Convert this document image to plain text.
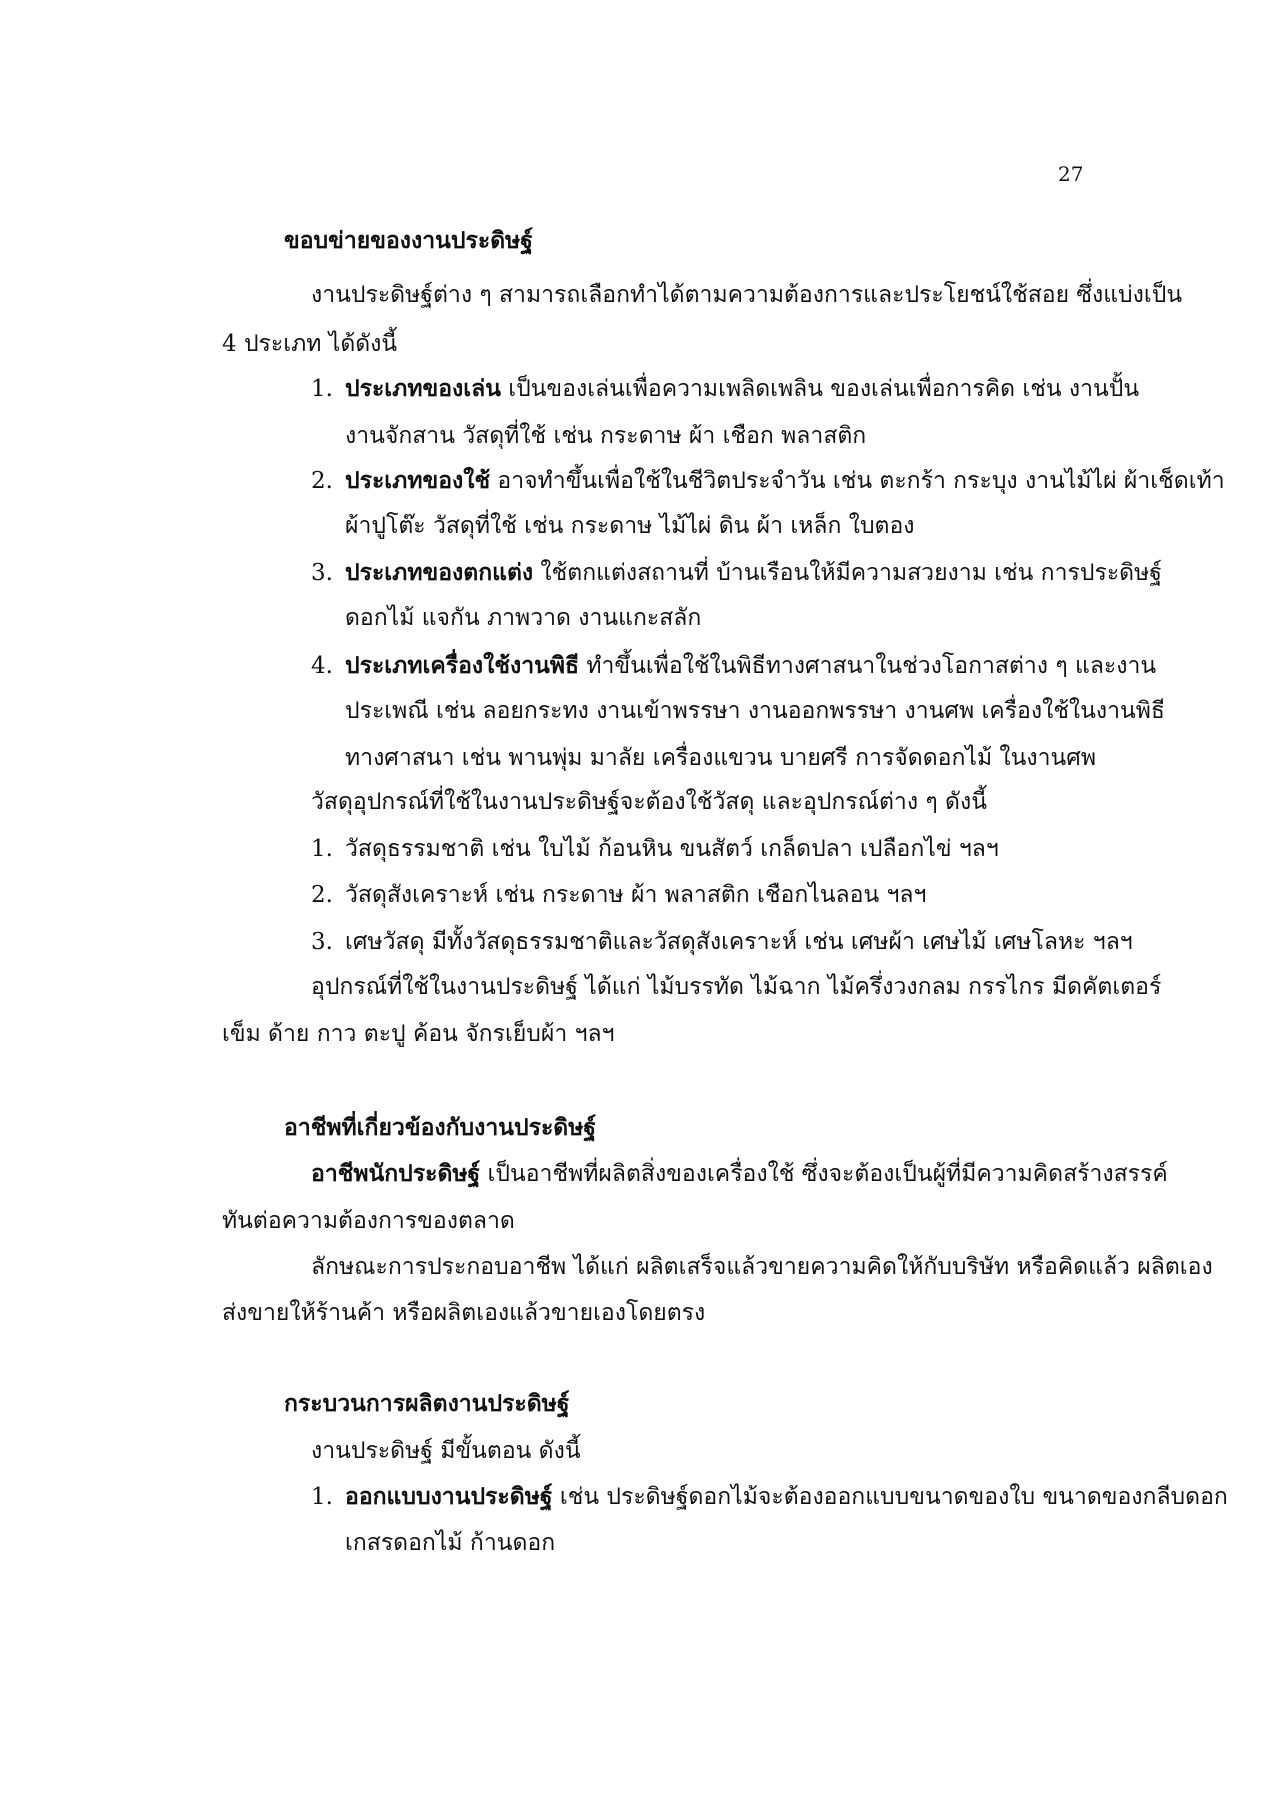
27
ขอบข่ายของงานประดิษฐ์
งานประดิษฐ์ต่าง ๆ สามารถเลือกทำได้ตามความต้องการและประโยชน์ใช้สอย ซึ่งแบ่งเป็น
4 ประเภท ได้ดังนี้
1. ประเภทของเล่น เป็นของเล่นเพื่อความเพลิดเพลิน ของเล่นเพื่อการคิด เช่น งานปั้น
งานจักสาน วัสดุที่ใช้ เช่น กระดาษ ผ้า เชือก พลาสติก
2. ประเภทของใช้ อาจทำขึ้นเพื่อใช้ในชีวิตประจำวัน เช่น ตะกร้า กระบุง งานไม้ไผ่ ผ้าเช็ดเท้า
ผ้าปูโต๊ะ วัสดุที่ใช้ เช่น กระดาษ ไม้ไผ่ ดิน ผ้า เหล็ก ใบตอง
3. ประเภทของตกแต่ง ใช้ตกแต่งสถานที่ บ้านเรือนให้มีความสวยงาม เช่น การประดิษฐ์
ดอกไม้ แจกัน ภาพวาด งานแกะสลัก
4. ประเภทเครื่องใช้งานพิธี ทำขึ้นเพื่อใช้ในพิธีทางศาสนาในช่วงโอกาสต่าง ๆ และงาน
ประเพณี เช่น ลอยกระทง งานเข้าพรรษา งานออกพรรษา งานศพ เครื่องใช้ในงานพิธี
ทางศาสนา เช่น พานพุ่ม มาลัย เครื่องแขวน บายศรี การจัดดอกไม้ ในงานศพ
วัสดุอุปกรณ์ที่ใช้ในงานประดิษฐ์จะต้องใช้วัสดุ และอุปกรณ์ต่าง ๆ ดังนี้
1. วัสดุธรรมชาติ เช่น ใบไม้ ก้อนหิน ขนสัตว์ เกล็ดปลา เปลือกไข่ ฯลฯ
2. วัสดุสังเคราะห์ เช่น กระดาษ ผ้า พลาสติก เชือกไนลอน ฯลฯ
3. เศษวัสดุ มีทั้งวัสดุธรรมชาติและวัสดุสังเคราะห์ เช่น เศษผ้า เศษไม้ เศษโลหะ ฯลฯ
อุปกรณ์ที่ใช้ในงานประดิษฐ์ ได้แก่ ไม้บรรทัด ไม้ฉาก ไม้ครึ่งวงกลม กรรไกร มีดคัตเตอร์
เข็ม ด้าย กาว ตะปู ค้อน จักรเย็บผ้า ฯลฯ
อาชีพที่เกี่ยวข้องกับงานประดิษฐ์
อาชีพนักประดิษฐ์ เป็นอาชีพที่ผลิตสิ่งของเครื่องใช้ ซึ่งจะต้องเป็นผู้ที่มีความคิดสร้างสรรค์
ทันต่อความต้องการของตลาด
ลักษณะการประกอบอาชีพ ได้แก่ ผลิตเสร็จแล้วขายความคิดให้กับบริษัท หรือคิดแล้ว ผลิตเอง
ส่งขายให้ร้านค้า หรือผลิตเองแล้วขายเองโดยตรง
กระบวนการผลิตงานประดิษฐ์
งานประดิษฐ์ มีขั้นตอน ดังนี้
1. ออกแบบงานประดิษฐ์ เช่น ประดิษฐ์ดอกไม้จะต้องออกแบบขนาดของใบ ขนาดของกลีบดอก
เกสรดอกไม้ ก้านดอก
